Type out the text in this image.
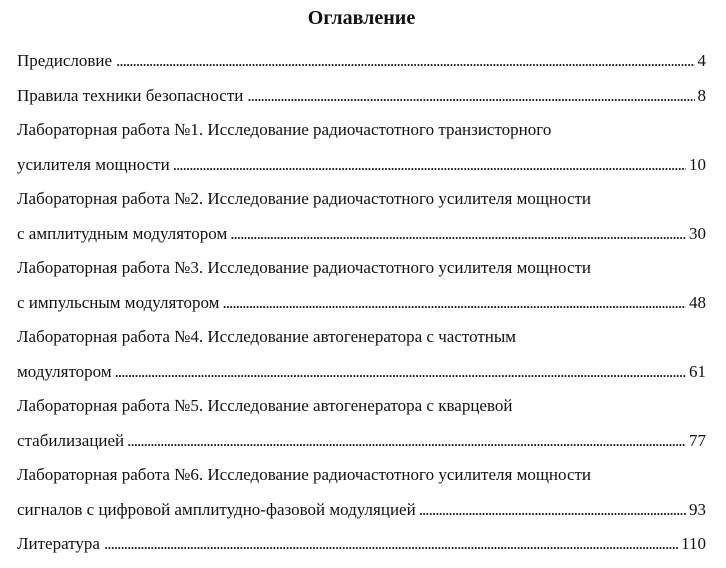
Оглавление
Предисловие . . .	4
Правила техники безопасности . . .	8
Лабораторная работа №1. Исследование радиочастотного транзисторного
усилителя мощности . . .	10
Лабораторная работа №2. Исследование радиочастотного усилителя мощности
с амплитудным модулятором . . .	30
Лабораторная работа №3. Исследование радиочастотного усилителя мощности
с импульсным модулятором . . .	48
Лабораторная работа №4. Исследование автогенератора с частотным
модулятором . . .	61
Лабораторная работа №5. Исследование автогенератора с кварцевой
стабилизацией . . .	77
Лабораторная работа №6. Исследование радиочастотного усилителя мощности
сигналов с цифровой амплитудно-фазовой модуляцией . . .	93
Литература . . .	110
